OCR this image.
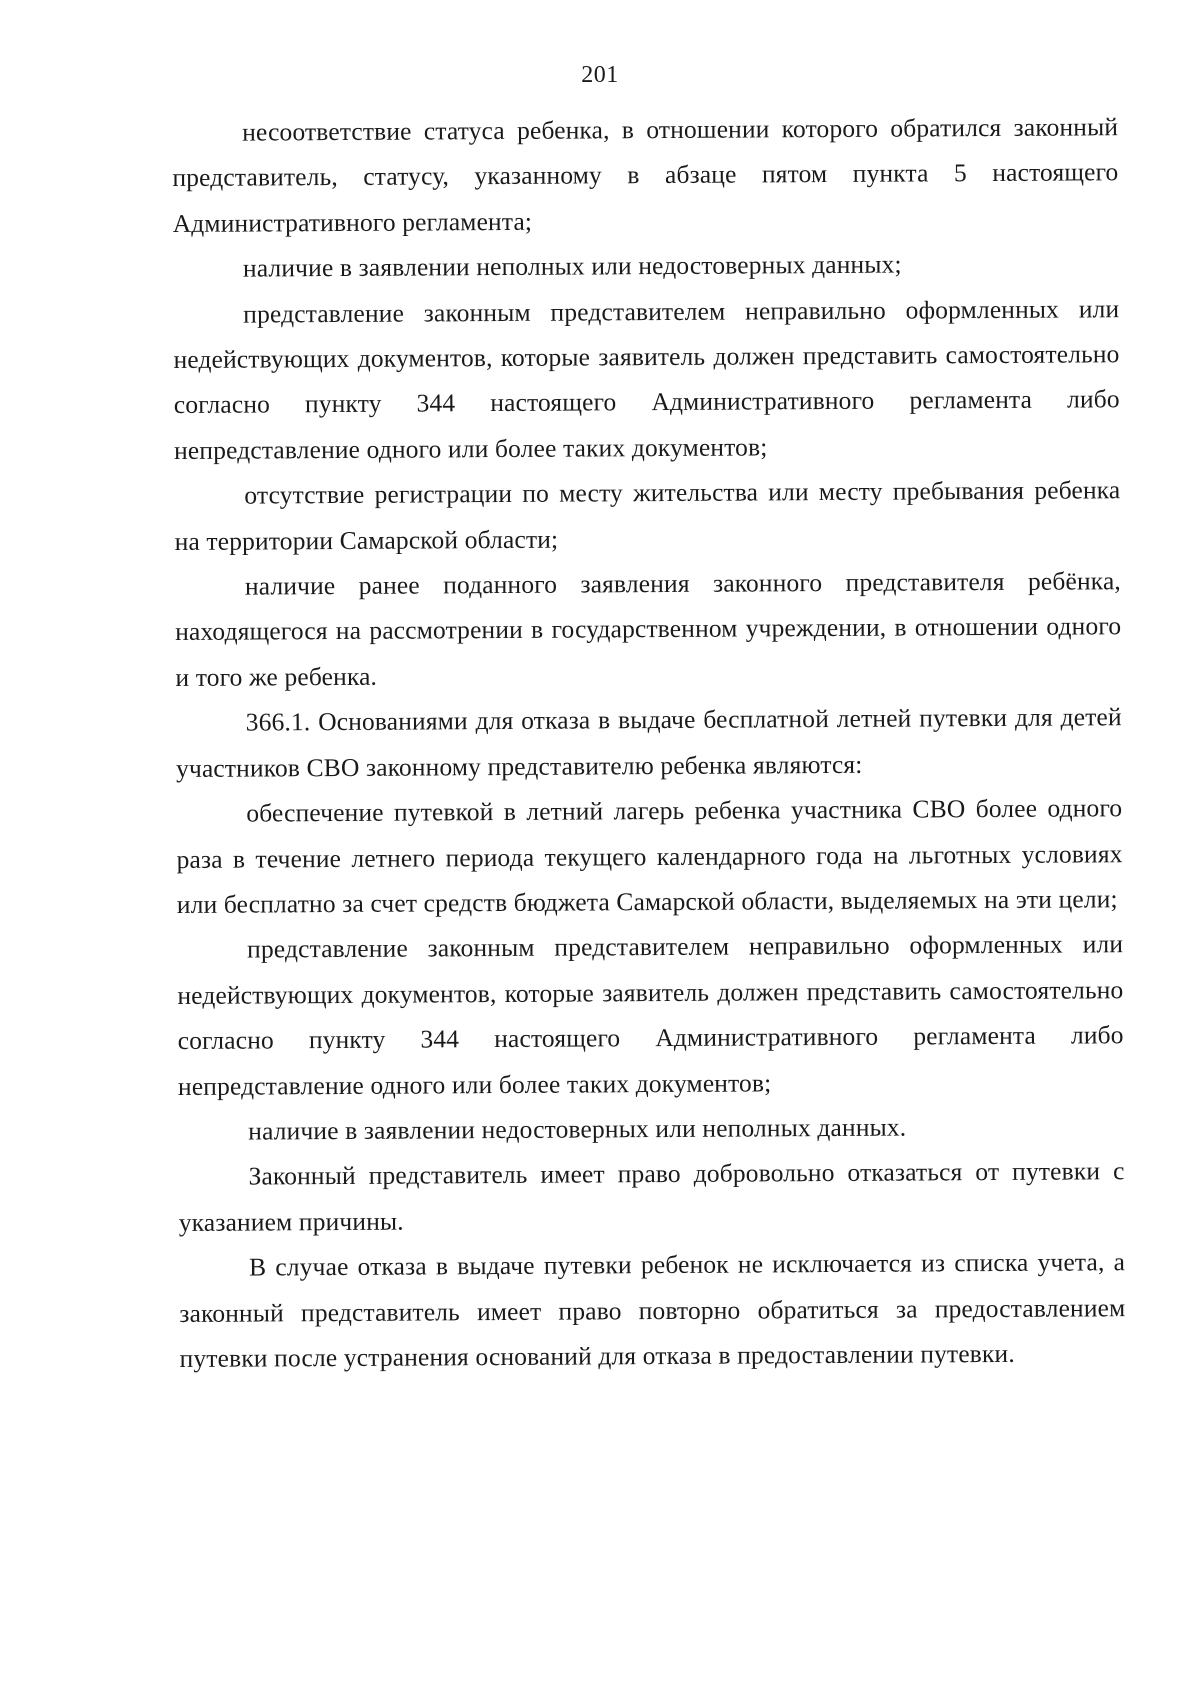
201

несоответствие статуса ребенка, в отношении которого обратился законный представитель, статусу, указанному в абзаце пятом пункта 5 настоящего Административного регламента;

наличие в заявлении неполных или недостоверных данных;

представление законным представителем неправильно оформленных или недействующих документов, которые заявитель должен представить самостоятельно согласно пункту 344 настоящего Административного регламента либо непредставление одного или более таких документов;

отсутствие регистрации по месту жительства или месту пребывания ребенка на территории Самарской области;

наличие ранее поданного заявления законного представителя ребёнка, находящегося на рассмотрении в государственном учреждении, в отношении одного и того же ребенка.

366.1. Основаниями для отказа в выдаче бесплатной летней путевки для детей участников СВО законному представителю ребенка являются:

обеспечение путевкой в летний лагерь ребенка участника СВО более одного раза в течение летнего периода текущего календарного года на льготных условиях или бесплатно за счет средств бюджета Самарской области, выделяемых на эти цели;

представление законным представителем неправильно оформленных или недействующих документов, которые заявитель должен представить самостоятельно согласно пункту 344 настоящего Административного регламента либо непредставление одного или более таких документов;

наличие в заявлении недостоверных или неполных данных.

Законный представитель имеет право добровольно отказаться от путевки с указанием причины.

В случае отказа в выдаче путевки ребенок не исключается из списка учета, а законный представитель имеет право повторно обратиться за предоставлением путевки после устранения оснований для отказа в предоставлении путевки.
